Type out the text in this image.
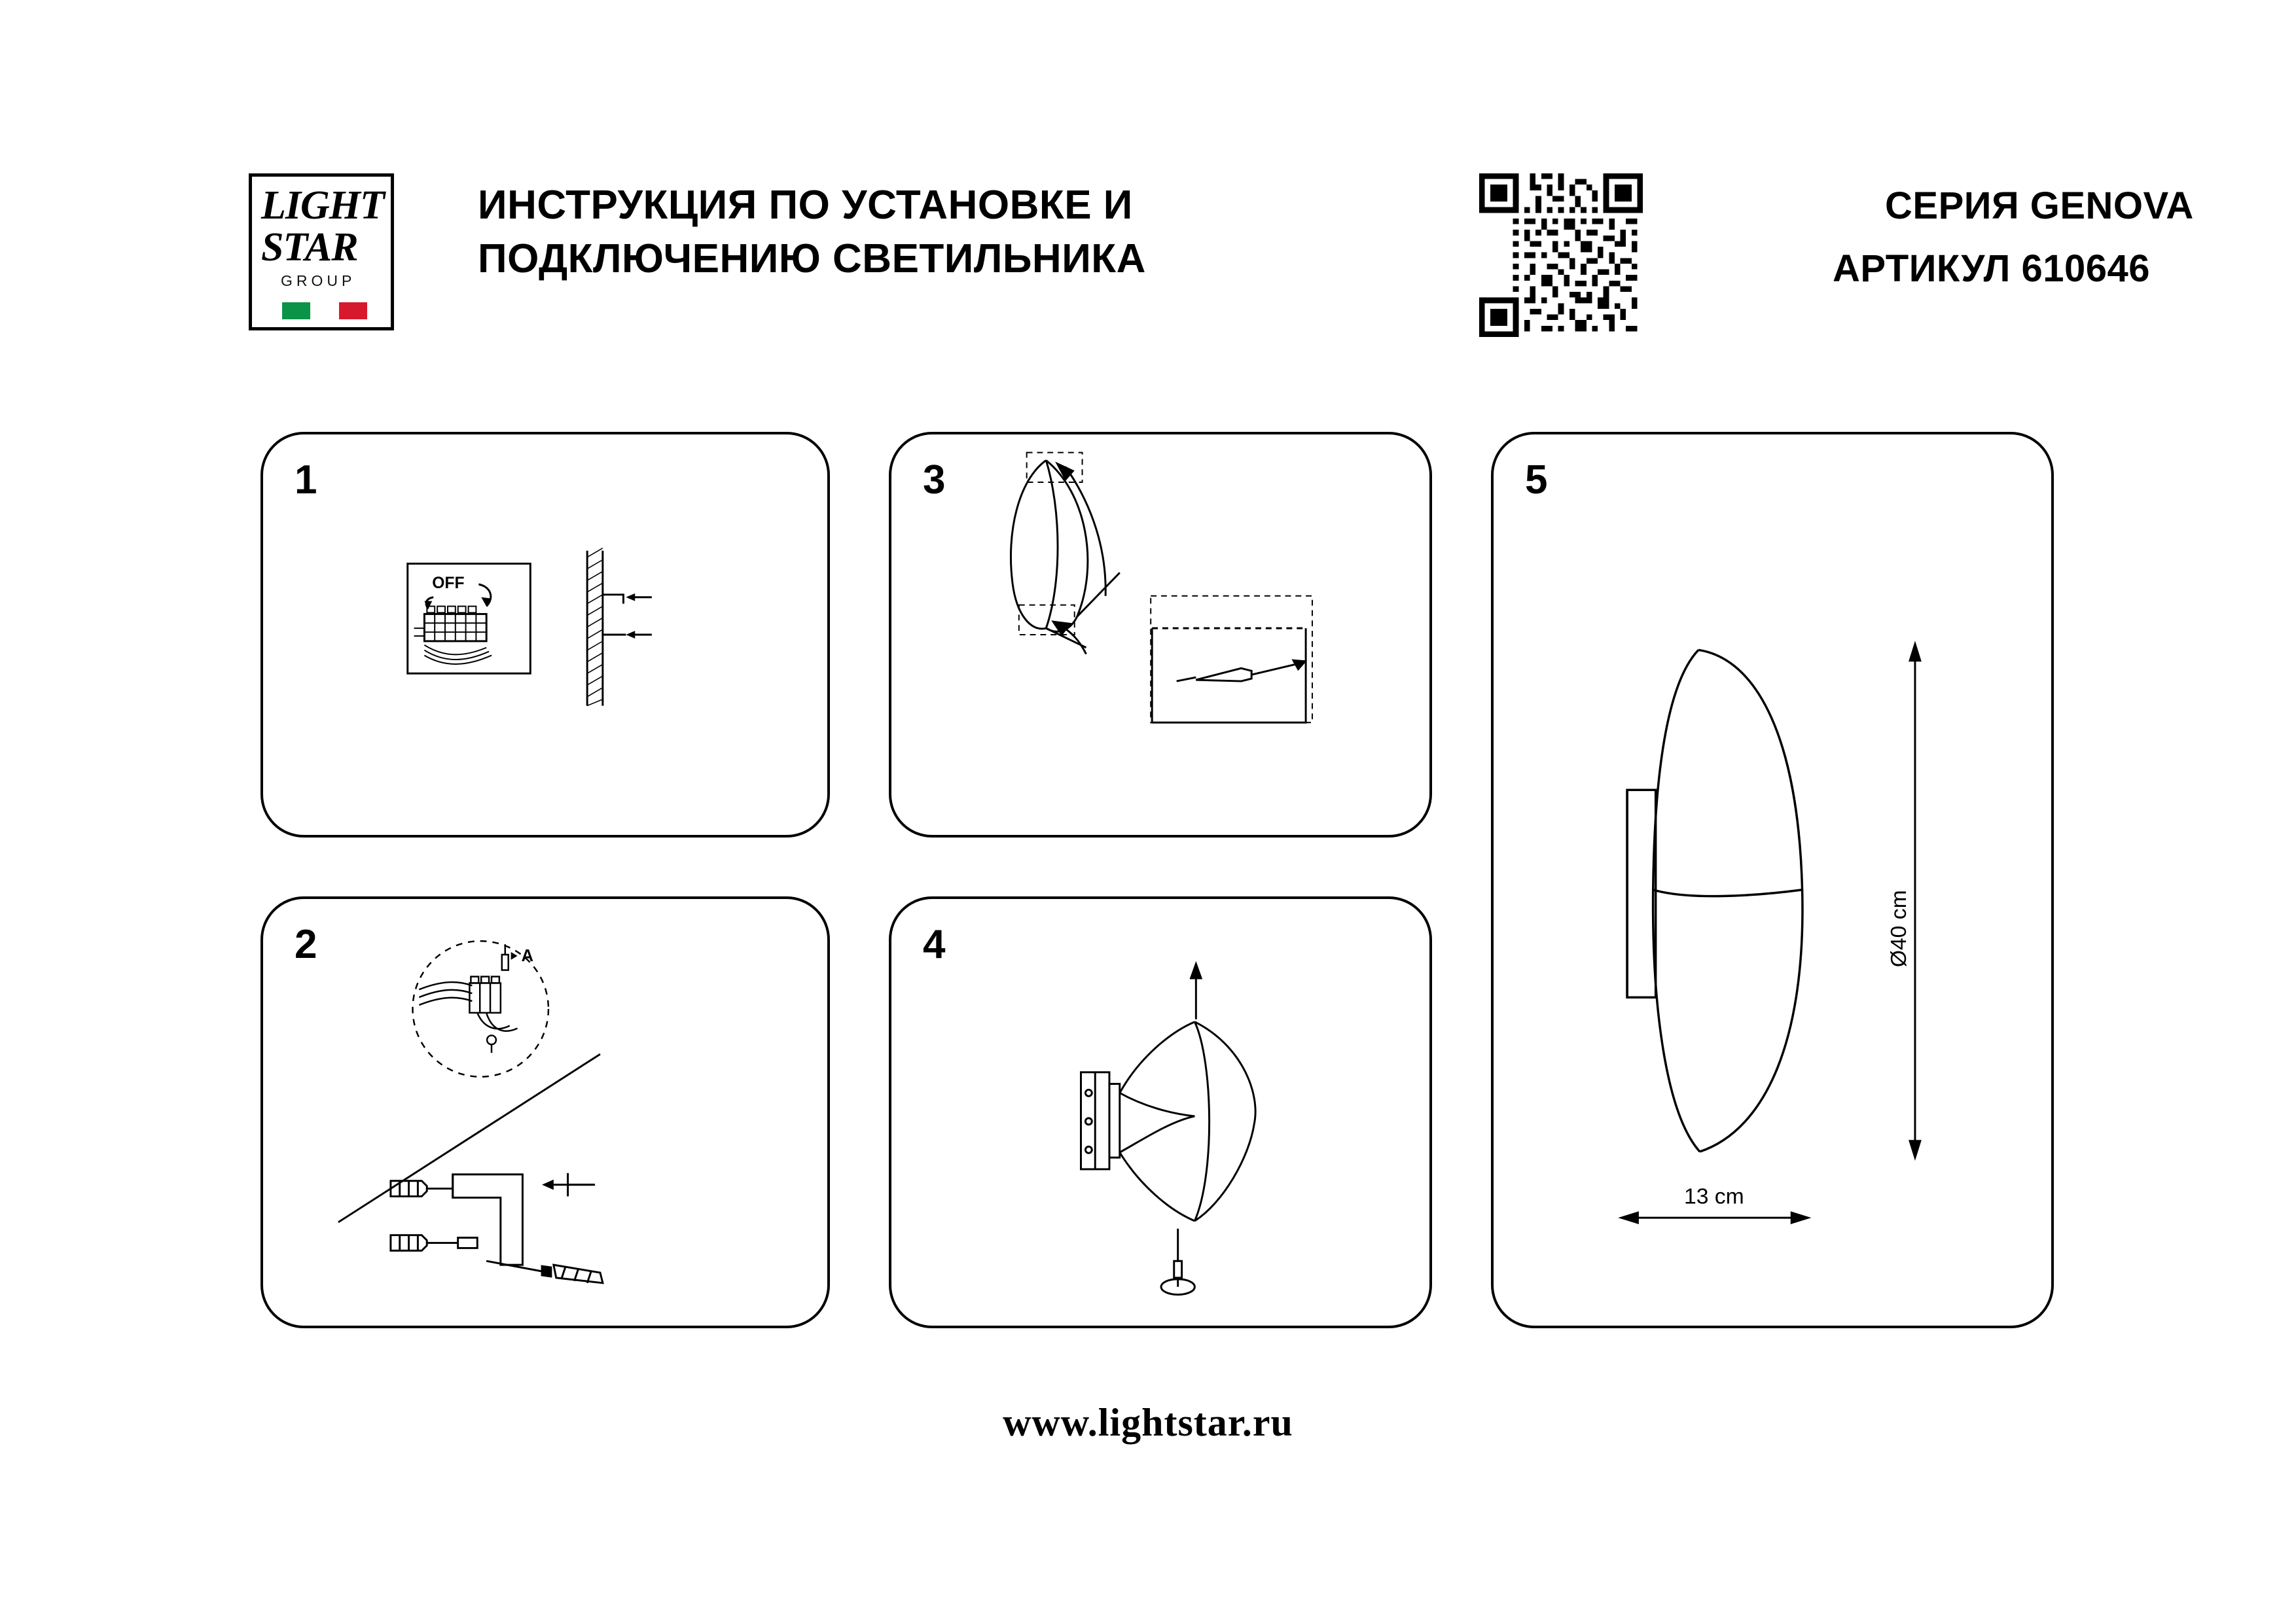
LIGHT
STAR
GROUP
ИНСТРУКЦИЯ ПО УСТАНОВКЕ И
ПОДКЛЮЧЕНИЮ СВЕТИЛЬНИКА
СЕРИЯ GENOVA
АРТИКУЛ 610646
1
OFF
2	A
3
4
5
Ø40 cm
13 cm
www.lightstar.ru
